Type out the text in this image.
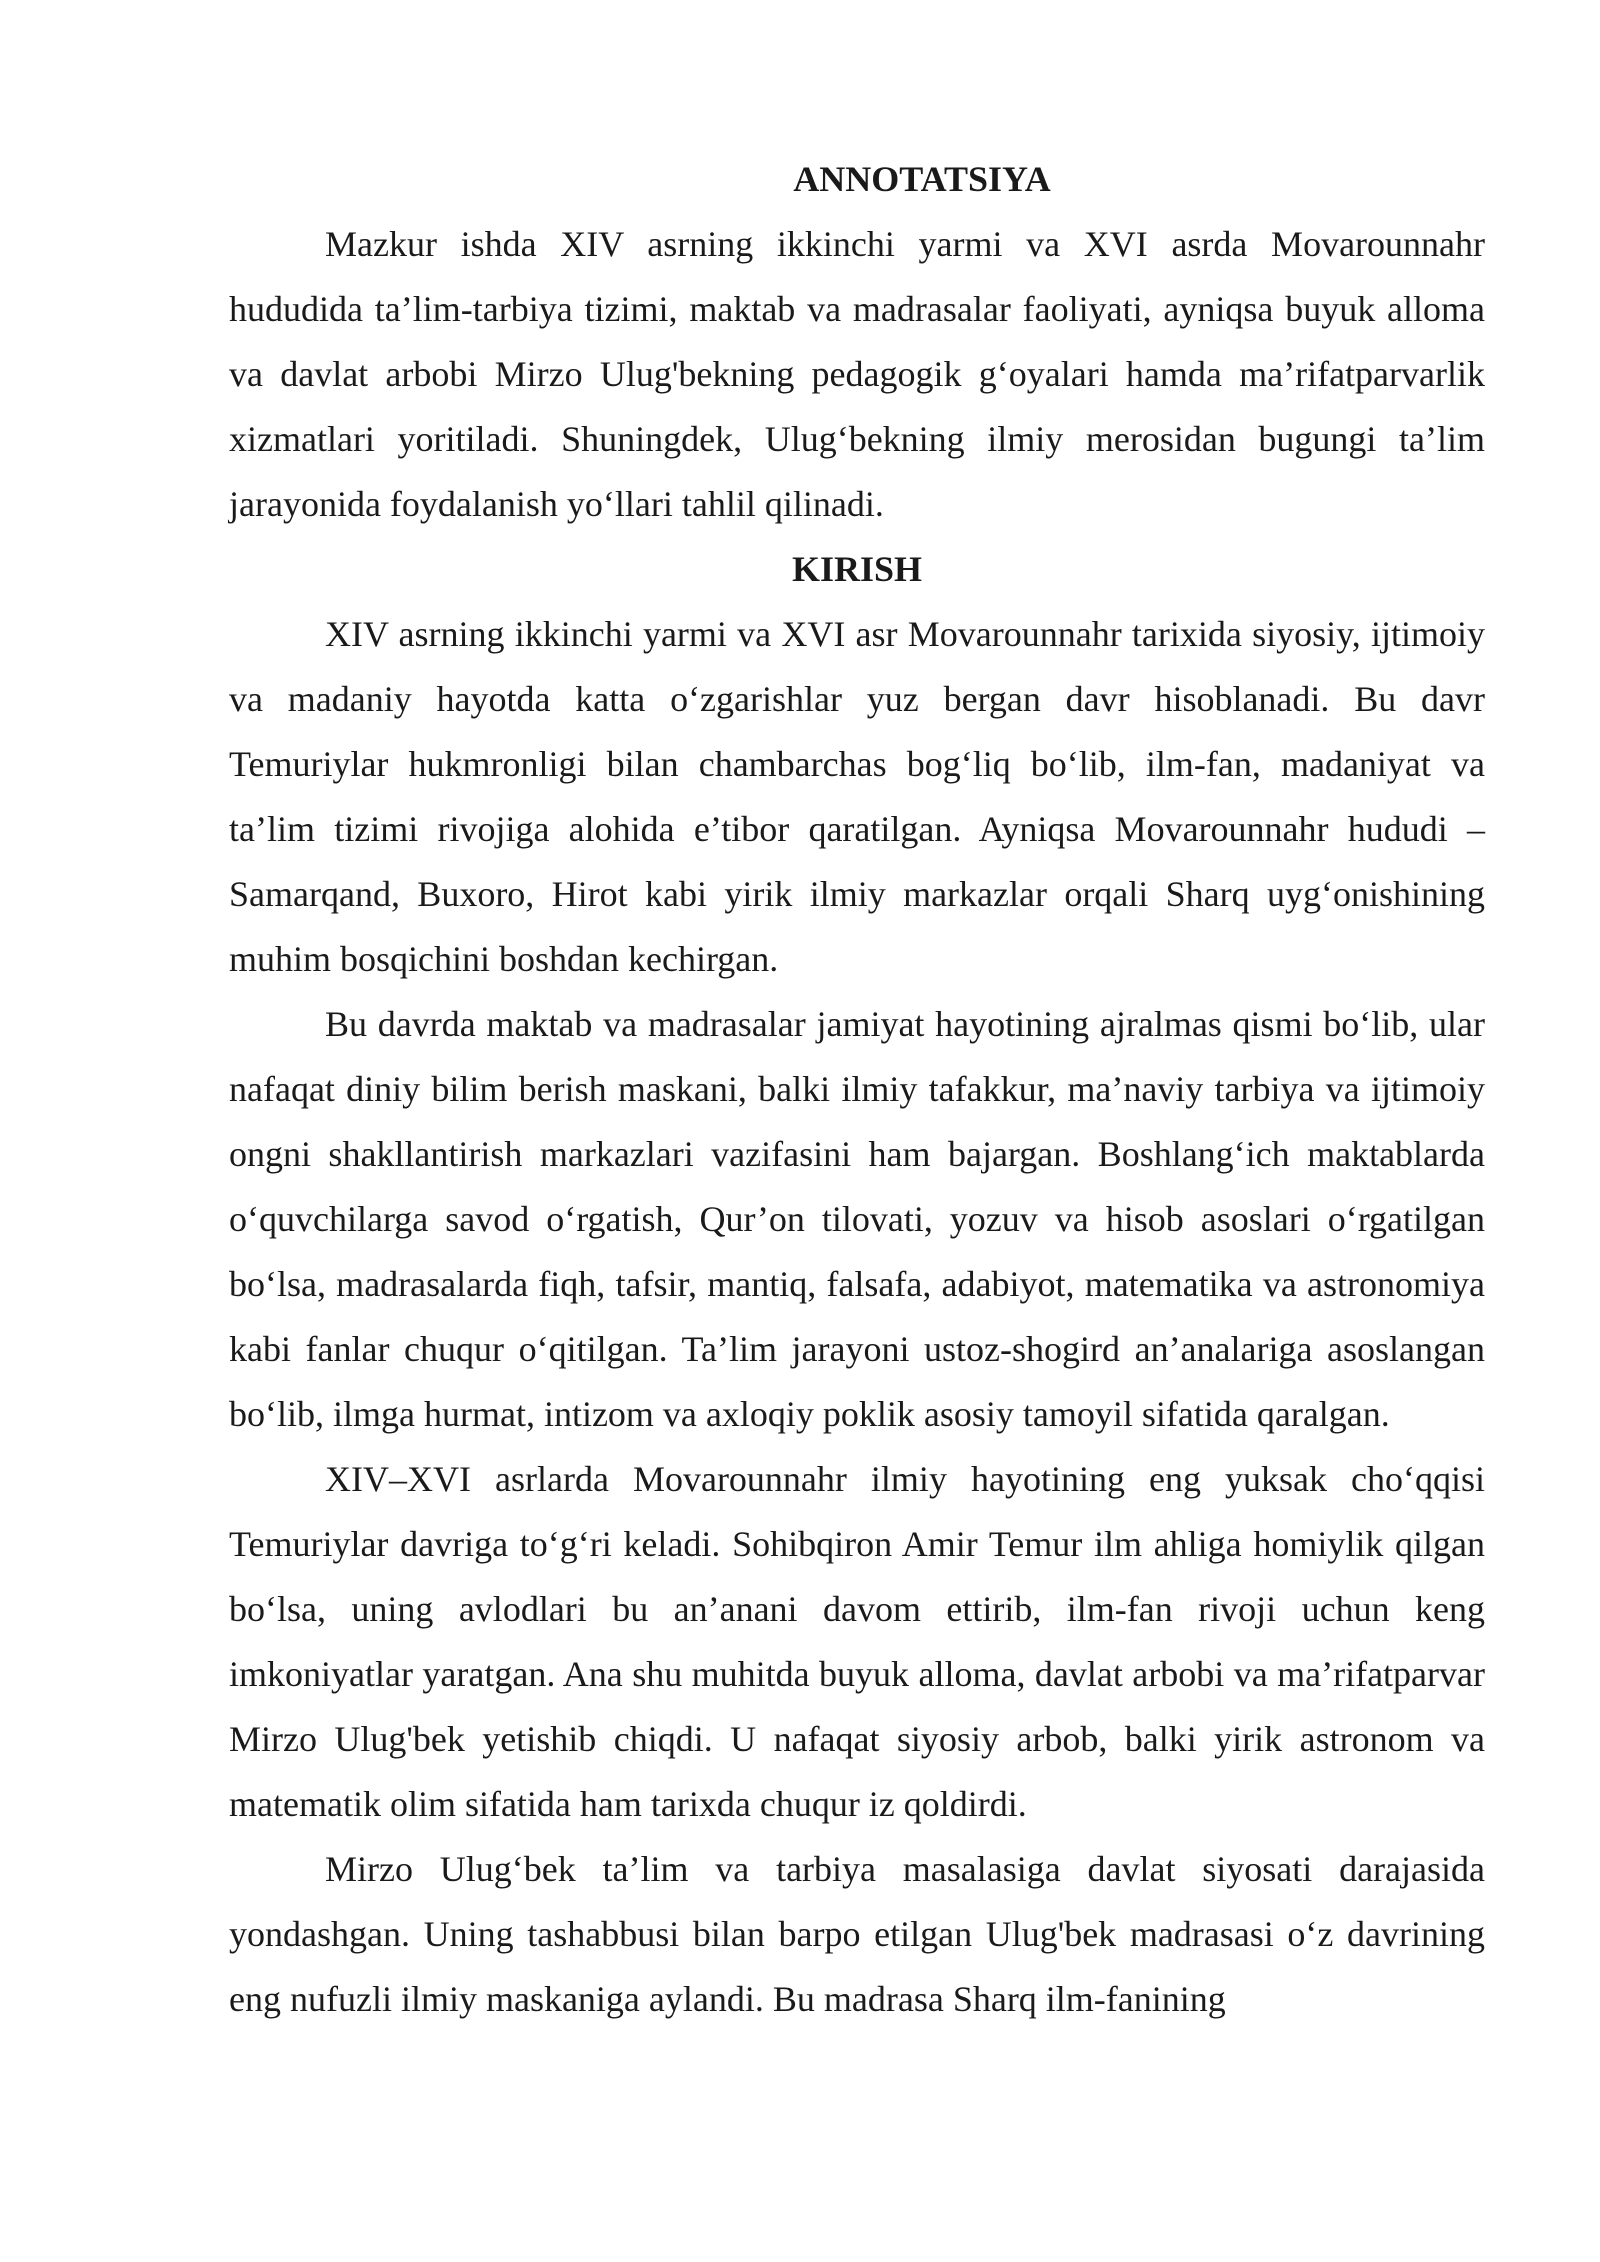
ANNOTATSIYA

Mazkur ishda XIV asrning ikkinchi yarmi va XVI asrda Movarounnahr hududida ta’lim-tarbiya tizimi, maktab va madrasalar faoliyati, ayniqsa buyuk alloma va davlat arbobi Mirzo Ulug'bekning pedagogik g‘oyalari hamda ma’rifatparvarlik xizmatlari yoritiladi. Shuningdek, Ulug‘bekning ilmiy merosidan bugungi ta’lim jarayonida foydalanish yo‘llari tahlil qilinadi.

KIRISH

XIV asrning ikkinchi yarmi va XVI asr Movarounnahr tarixida siyosiy, ijtimoiy va madaniy hayotda katta o‘zgarishlar yuz bergan davr hisoblanadi. Bu davr Temuriylar hukmronligi bilan chambarchas bog‘liq bo‘lib, ilm-fan, madaniyat va ta’lim tizimi rivojiga alohida e’tibor qaratilgan. Ayniqsa Movarounnahr hududi – Samarqand, Buxoro, Hirot kabi yirik ilmiy markazlar orqali Sharq uyg‘onishining muhim bosqichini boshdan kechirgan.

Bu davrda maktab va madrasalar jamiyat hayotining ajralmas qismi bo‘lib, ular nafaqat diniy bilim berish maskani, balki ilmiy tafakkur, ma’naviy tarbiya va ijtimoiy ongni shakllantirish markazlari vazifasini ham bajargan. Boshlang‘ich maktablarda o‘quvchilarga savod o‘rgatish, Qur’on tilovati, yozuv va hisob asoslari o‘rgatilgan bo‘lsa, madrasalarda fiqh, tafsir, mantiq, falsafa, adabiyot, matematika va astronomiya kabi fanlar chuqur o‘qitilgan. Ta’lim jarayoni ustoz-shogird an’analariga asoslangan bo‘lib, ilmga hurmat, intizom va axloqiy poklik asosiy tamoyil sifatida qaralgan.

XIV–XVI asrlarda Movarounnahr ilmiy hayotining eng yuksak cho‘qqisi Temuriylar davriga to‘g‘ri keladi. Sohibqiron Amir Temur ilm ahliga homiylik qilgan bo‘lsa, uning avlodlari bu an’anani davom ettirib, ilm-fan rivoji uchun keng imkoniyatlar yaratgan. Ana shu muhitda buyuk alloma, davlat arbobi va ma’rifatparvar Mirzo Ulug'bek yetishib chiqdi. U nafaqat siyosiy arbob, balki yirik astronom va matematik olim sifatida ham tarixda chuqur iz qoldirdi.

Mirzo Ulug‘bek ta’lim va tarbiya masalasiga davlat siyosati darajasida yondashgan. Uning tashabbusi bilan barpo etilgan Ulug'bek madrasasi o‘z davrining eng nufuzli ilmiy maskaniga aylandi. Bu madrasa Sharq ilm-fanining
